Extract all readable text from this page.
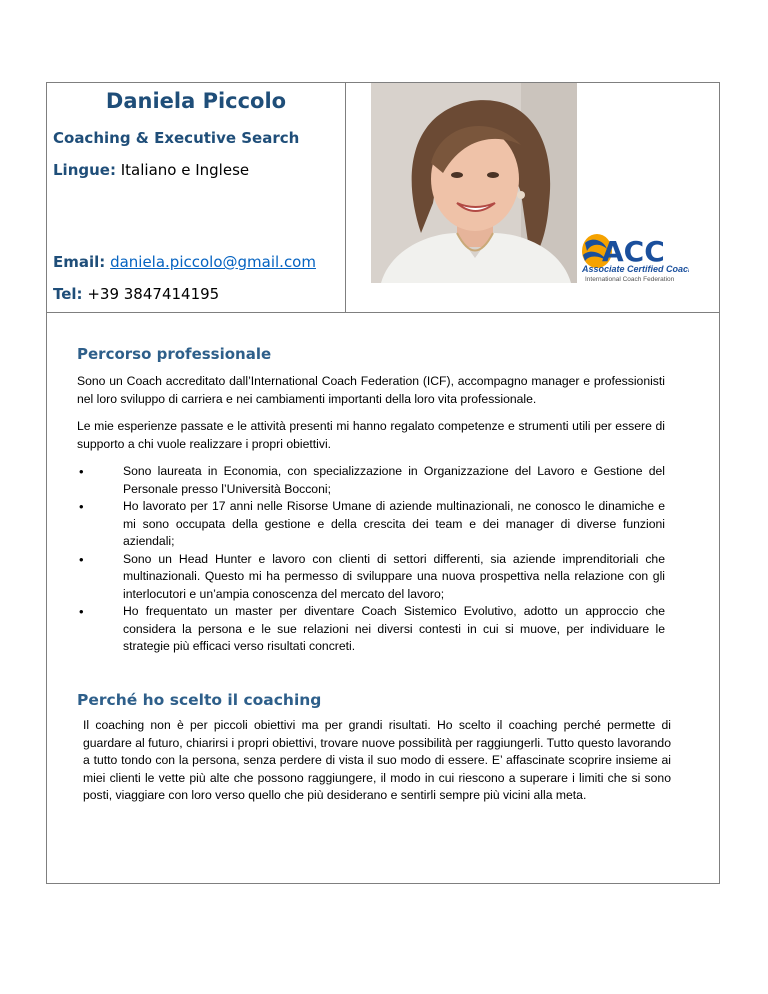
Daniela Piccolo
Coaching & Executive Search
Lingue: Italiano e Inglese
Email: daniela.piccolo@gmail.com
Tel: +39 3847414195
ACC
Associate Certified Coach
International Coach Federation
Percorso professionale
Sono un Coach accreditato dall’International Coach Federation (ICF), accompagno manager e professionisti nel loro sviluppo di carriera e nei cambiamenti importanti della loro vita professionale.
Le mie esperienze passate e le attività presenti mi hanno regalato competenze e strumenti utili per essere di supporto a chi vuole realizzare i propri obiettivi.
•	Sono laureata in Economia, con specializzazione in Organizzazione del Lavoro e Gestione del Personale presso l’Università Bocconi;
•	Ho lavorato per 17 anni nelle Risorse Umane di aziende multinazionali, ne conosco le dinamiche e mi sono occupata della gestione e della crescita dei team e dei manager di diverse funzioni aziendali;
•	Sono un Head Hunter e lavoro con clienti di settori differenti, sia aziende imprenditoriali che multinazionali. Questo mi ha permesso di sviluppare una nuova prospettiva nella relazione con gli interlocutori e un’ampia conoscenza del mercato del lavoro;
•	Ho frequentato un master per diventare Coach Sistemico Evolutivo, adotto un approccio che considera la persona e le sue relazioni nei diversi contesti in cui si muove, per individuare le strategie più efficaci verso risultati concreti.
Perché ho scelto il coaching
Il coaching non è per piccoli obiettivi ma per grandi risultati. Ho scelto il coaching perché permette di guardare al futuro, chiarirsi i propri obiettivi, trovare nuove possibilità per raggiungerli. Tutto questo lavorando a tutto tondo con la persona, senza perdere di vista il suo modo di essere. E’ affascinate scoprire insieme ai miei clienti le vette più alte che possono raggiungere, il modo in cui riescono a superare i limiti che si sono posti, viaggiare con loro verso quello che più desiderano e sentirli sempre più vicini alla meta.
